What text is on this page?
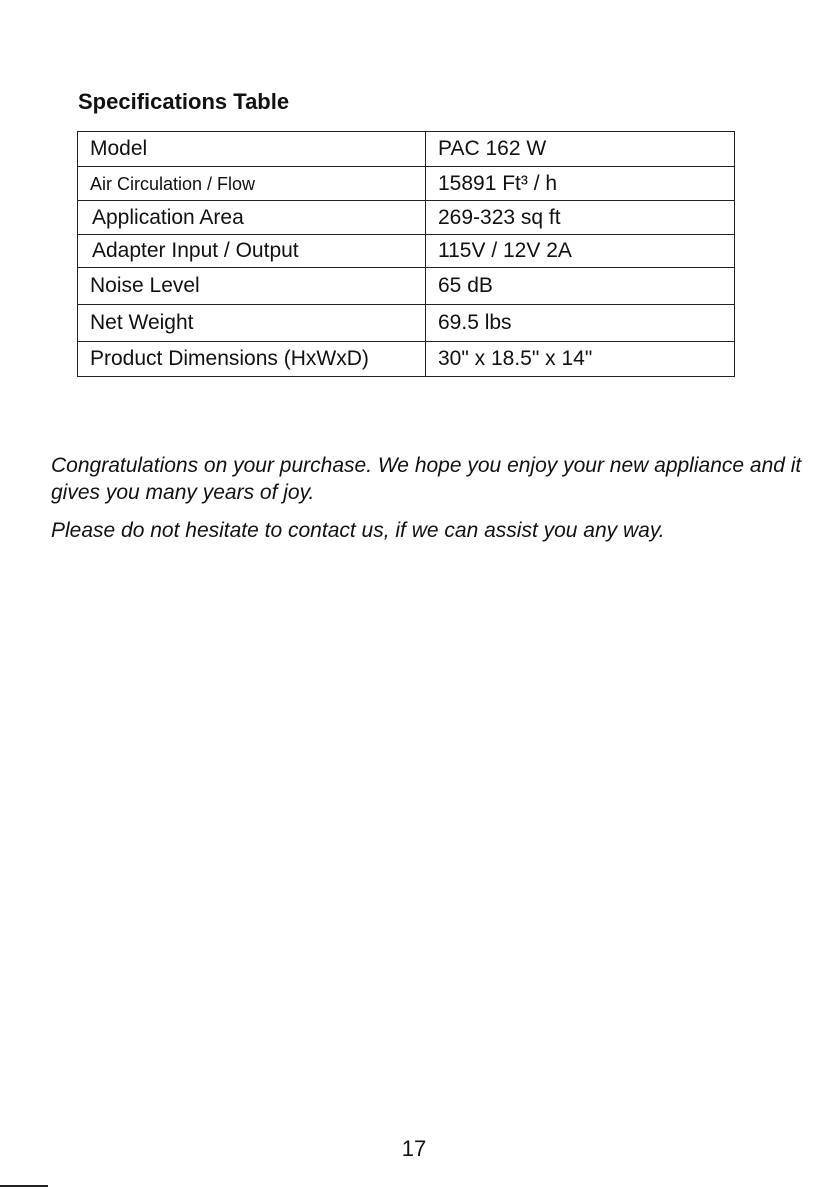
Specifications Table
Model	PAC 162 W
Air Circulation / Flow	15891 Ft³ / h
Application Area	269-323 sq ft
Adapter Input / Output	115V / 12V 2A
Noise Level	65 dB
Net Weight	69.5 lbs
Product Dimensions (HxWxD)	30" x 18.5" x 14"

Congratulations on your purchase. We hope you enjoy your new appliance and it gives you many years of joy.

Please do not hesitate to contact us, if we can assist you any way.

17
